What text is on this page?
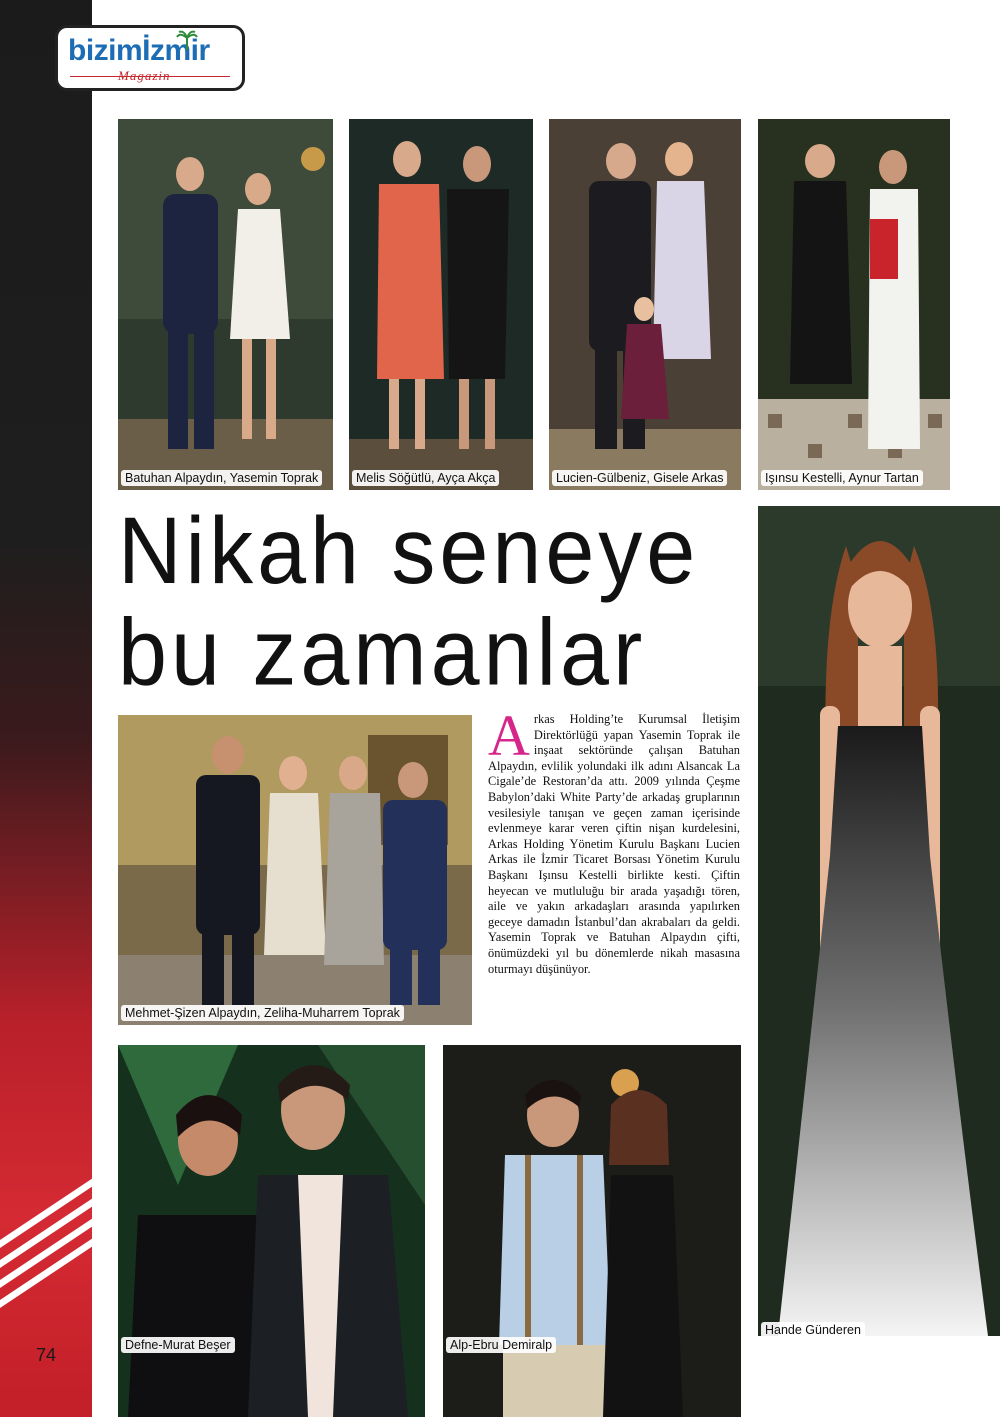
74
bizimİzmir
Magazin
Batuhan Alpaydın, Yasemin Toprak	Melis Söğütlü, Ayça Akça	Lucien-Gülbeniz, Gisele Arkas	Işınsu Kestelli, Aynur Tartan
Nikah seneye
bu zamanlar
Hande Günderen
Mehmet-Şizen Alpaydın, Zeliha-Muharrem Toprak
Arkas Holding’te Kurumsal İletişim Direktörlüğü yapan Yasemin Toprak ile inşaat sektöründe çalışan Batuhan Alpaydın, evlilik yolundaki ilk adını Alsancak La Cigale’de Restoran’da attı. 2009 yılında Çeşme Babylon’daki White Party’de arkadaş gruplarının vesilesiyle tanışan ve geçen zaman içerisinde evlenmeye karar veren çiftin nişan kurdelesini, Arkas Holding Yönetim Kurulu Başkanı Lucien Arkas ile İzmir Ticaret Borsası Yönetim Kurulu Başkanı Işınsu Kestelli birlikte kesti. Çiftin heyecan ve mutluluğu bir arada yaşadığı tören, aile ve yakın arkadaşları arasında yapılırken geceye damadın İstanbul’dan akrabaları da geldi. Yasemin Toprak ve Batuhan Alpaydın çifti, önümüzdeki yıl bu dönemlerde nikah masasına oturmayı düşünüyor.
Defne-Murat Beşer	Alp-Ebru Demiralp
